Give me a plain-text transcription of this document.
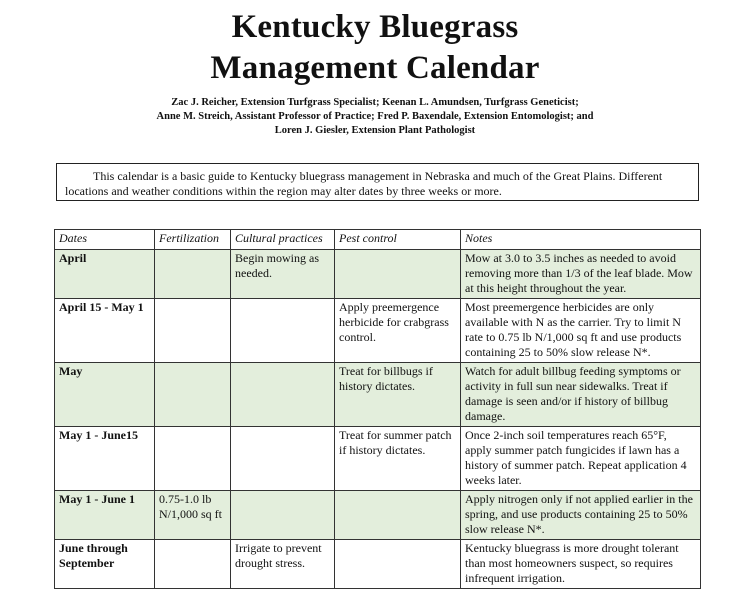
Kentucky Bluegrass
Management Calendar
Zac J. Reicher, Extension Turfgrass Specialist; Keenan L. Amundsen, Turfgrass Geneticist;
Anne M. Streich, Assistant Professor of Practice; Fred P. Baxendale, Extension Entomologist; and
Loren J. Giesler, Extension Plant Pathologist
This calendar is a basic guide to Kentucky bluegrass management in Nebraska and much of the Great Plains. Different locations and weather conditions within the region may alter dates by three weeks or more.
Dates	Fertilization	Cultural practices	Pest control	Notes
April		Begin mowing as needed.		Mow at 3.0 to 3.5 inches as needed to avoid removing more than 1/3 of the leaf blade. Mow at this height throughout the year.
April 15 - May 1			Apply preemergence herbicide for crabgrass control.	Most preemergence herbicides are only available with N as the carrier. Try to limit N rate to 0.75 lb N/1,000 sq ft and use products containing 25 to 50% slow release N*.
May			Treat for billbugs if history dictates.	Watch for adult billbug feeding symptoms or activity in full sun near sidewalks. Treat if damage is seen and/or if history of billbug damage.
May 1 - June15			Treat for summer patch if history dictates.	Once 2-inch soil temperatures reach 65°F, apply summer patch fungicides if lawn has a history of summer patch. Repeat application 4 weeks later.
May 1 - June 1	0.75-1.0 lb N/1,000 sq ft			Apply nitrogen only if not applied earlier in the spring, and use products containing 25 to 50% slow release N*.
June through September		Irrigate to prevent drought stress.		Kentucky bluegrass is more drought tolerant than most homeowners suspect, so requires infrequent irrigation.
